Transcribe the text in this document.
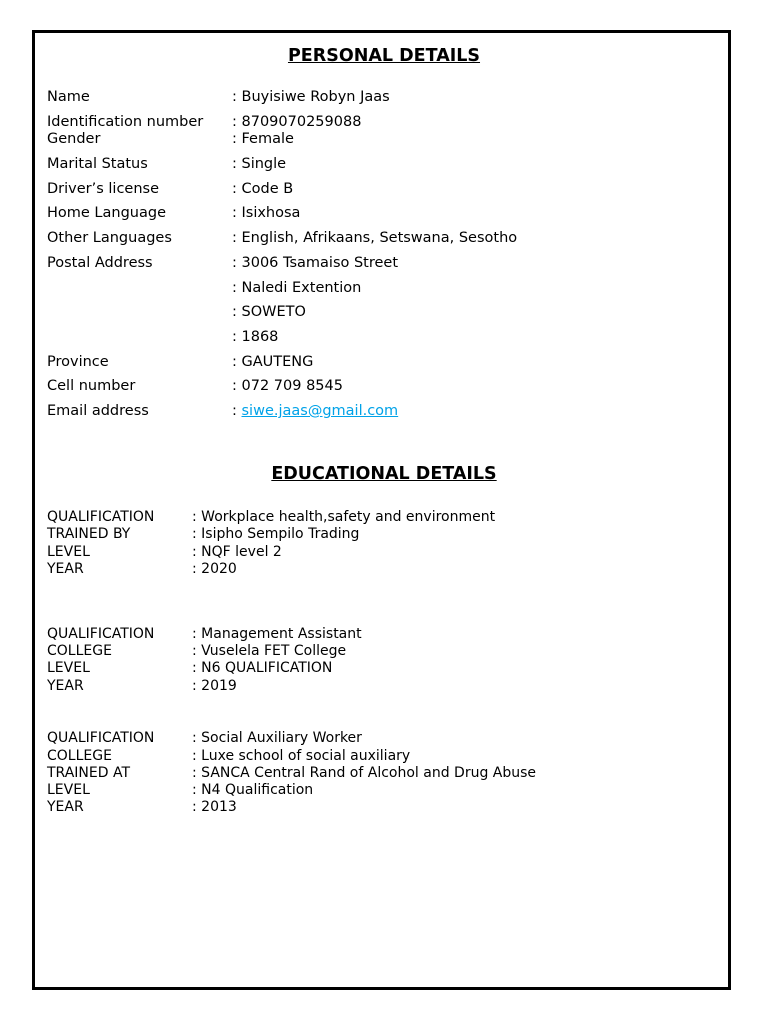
PERSONAL DETAILS
Name	: Buyisiwe Robyn Jaas
Identification number : 8709070259088
Gender	: Female
Marital Status	: Single
Driver’s license	: Code B
Home Language	: Isixhosa
Other Languages	: English, Afrikaans, Setswana, Sesotho
Postal Address	: 3006 Tsamaiso Street
: Naledi Extention
: SOWETO
: 1868
Province	: GAUTENG
Cell number	: 072 709 8545
Email address	: siwe.jaas@gmail.com
EDUCATIONAL DETAILS
QUALIFICATION	: Workplace health,safety and environment
TRAINED BY	: Isipho Sempilo Trading
LEVEL	: NQF level 2
YEAR	: 2020
QUALIFICATION	: Management Assistant
COLLEGE	: Vuselela FET College
LEVEL	: N6 QUALIFICATION
YEAR	: 2019
QUALIFICATION	: Social Auxiliary Worker
COLLEGE	: Luxe school of social auxiliary
TRAINED AT	: SANCA Central Rand of Alcohol and Drug Abuse
LEVEL	: N4 Qualification
YEAR	: 2013
